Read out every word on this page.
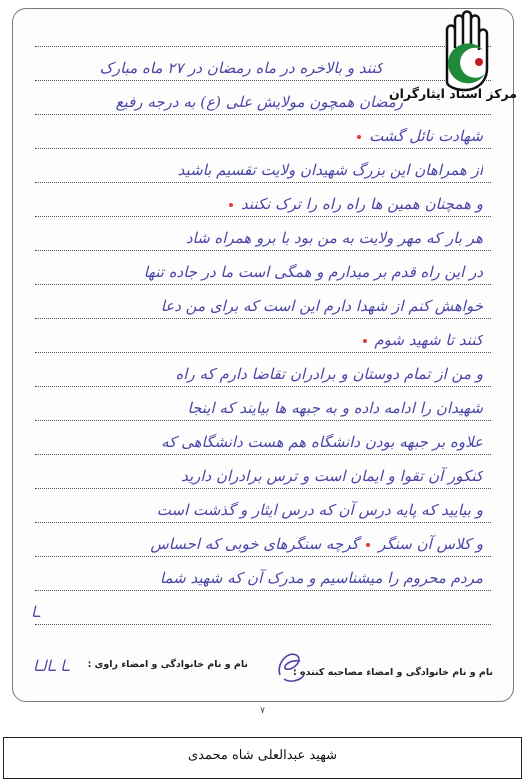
کنند و بالاخره در ماه رمضان در ۲۷ ماه مبارک
رمضان همچون مولایش علی (ع) به درجه رفیع
شهادت نائل گشت
از همراهان این بزرگ شهیدان ولایت تقسیم باشید
و همچنان همین ها راه راه را ترک نکنند
هر بار که مهر ولایت به من بود با برو همراه شاد
در این راه قدم بر میدارم و همگی است ما در جاده تنها
خواهش کنم از شهدا دارم این است که برای من دعا
کنند تا شهید شوم
و من از تمام دوستان و برادران تقاضا دارم که راه
شهیدان را ادامه داده و به جبهه ها بیایند که اینجا
علاوه بر جبهه بودن دانشگاه هم هست دانشگاهی که
کنکور آن تقوا و ایمان است و ترس برادران دارید
و بیایید که پایه درس آن که درس ایثار و گذشت است
و کلاس آن سنگر  گرچه سنگرهای خوبی که احساس
مردم محروم را میشناسیم و مدرک آن که شهید شما
ـا
نام و نام خانوادگی و امضاء مصاحبه کننده :
نام و نام خانوادگی و امضاء راوی :
ـا ـالـا
مرکز اسناد ایثارگران
۷
شهید عبدالعلی شاه محمدی
